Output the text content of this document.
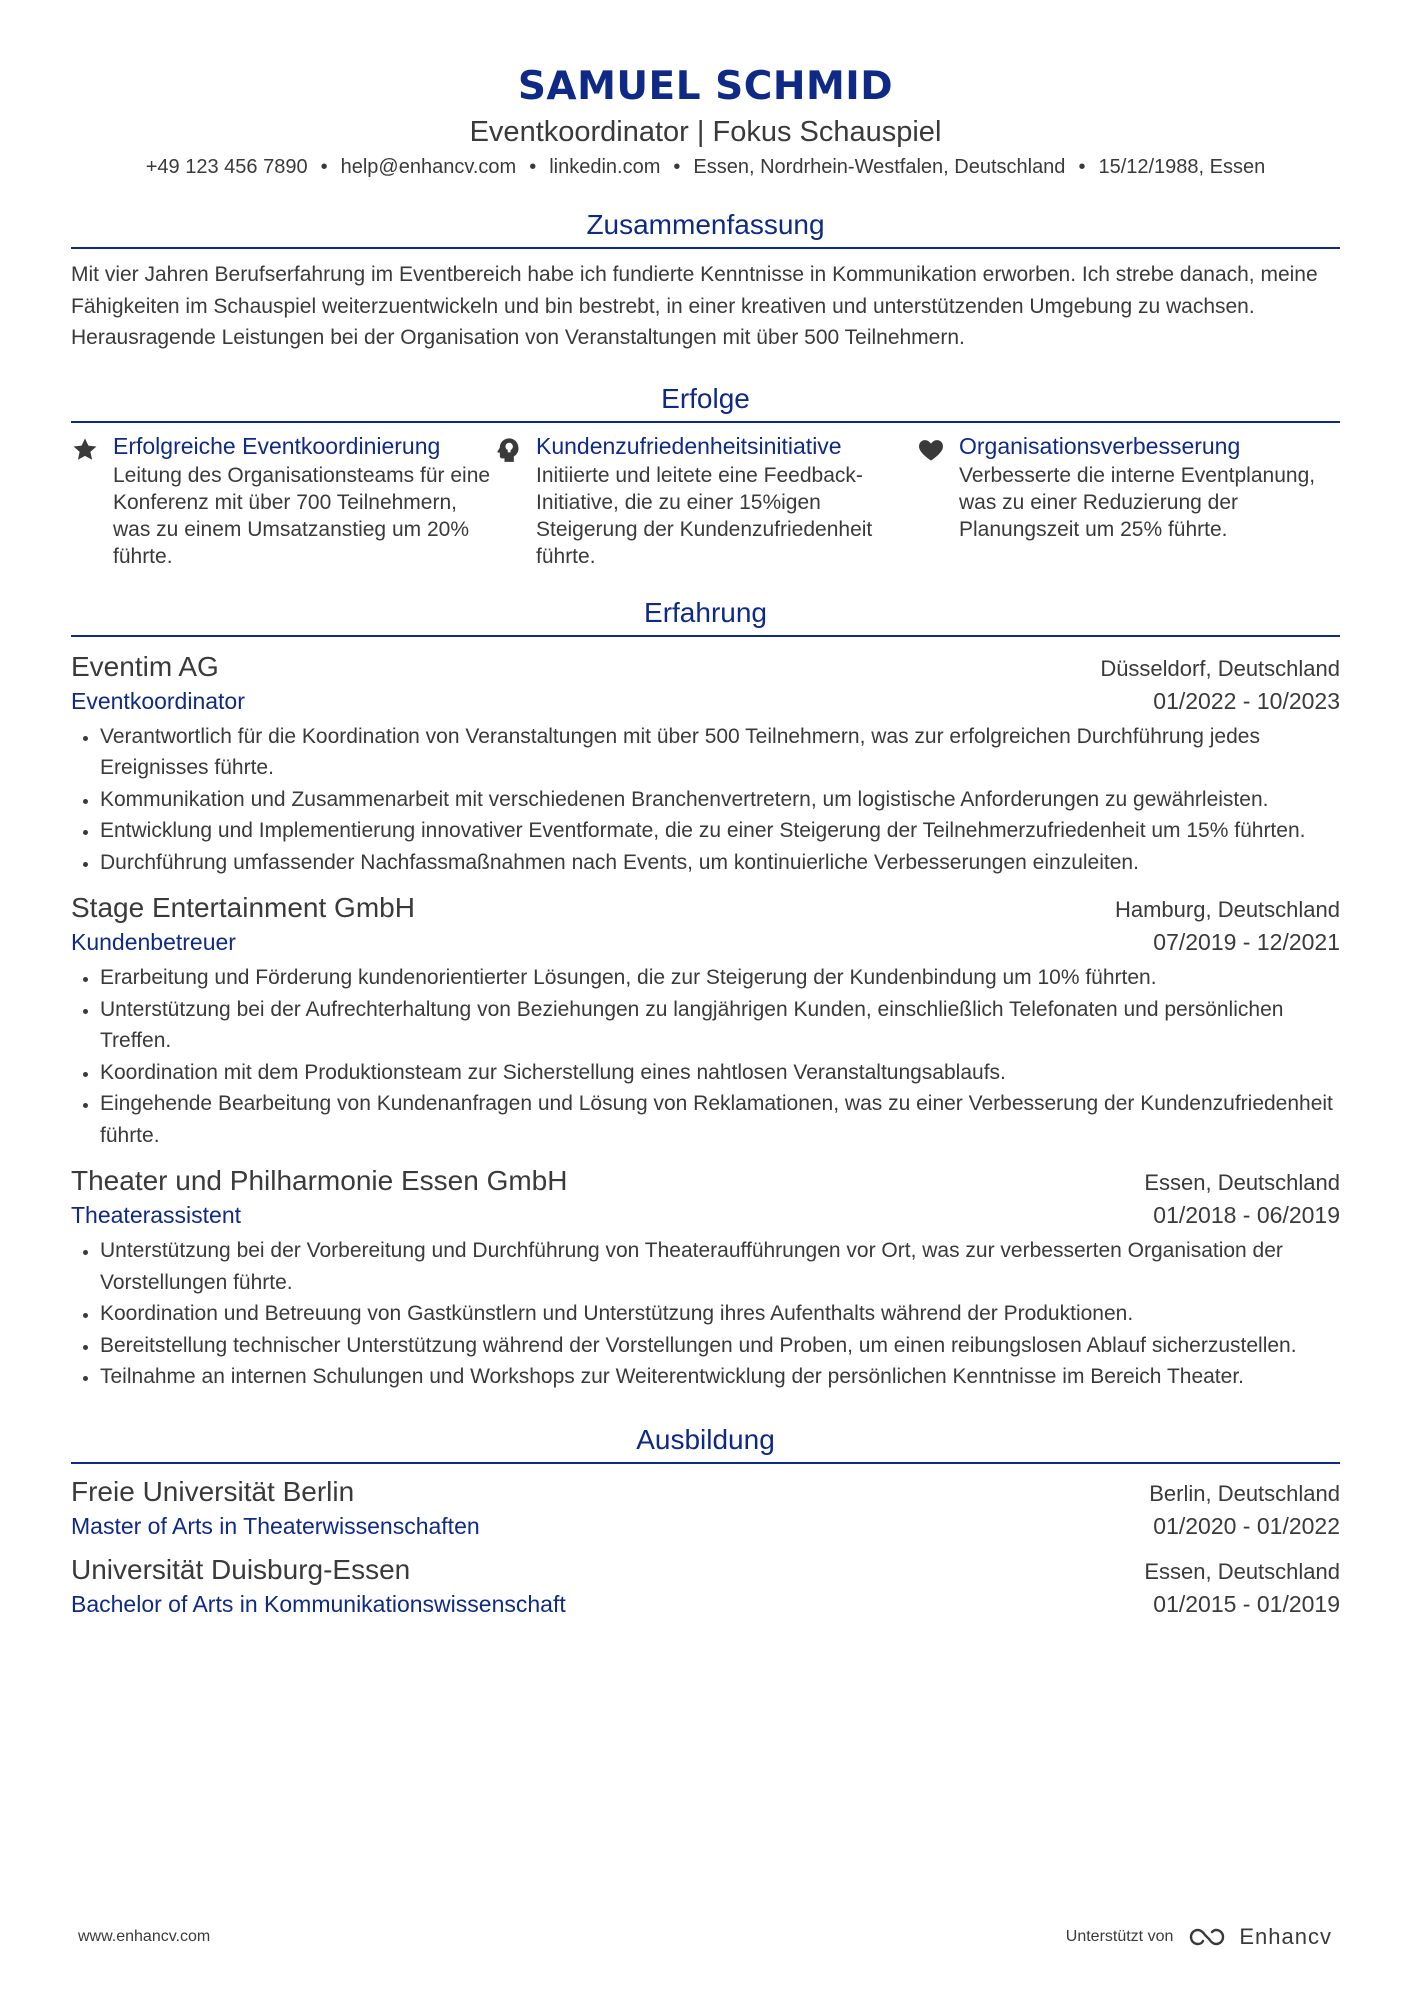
SAMUEL SCHMID
Eventkoordinator | Fokus Schauspiel
+49 123 456 7890 • help@enhancv.com • linkedin.com • Essen, Nordrhein-Westfalen, Deutschland • 15/12/1988, Essen
Zusammenfassung
Mit vier Jahren Berufserfahrung im Eventbereich habe ich fundierte Kenntnisse in Kommunikation erworben. Ich strebe danach, meine Fähigkeiten im Schauspiel weiterzuentwickeln und bin bestrebt, in einer kreativen und unterstützenden Umgebung zu wachsen. Herausragende Leistungen bei der Organisation von Veranstaltungen mit über 500 Teilnehmern.
Erfolge
Erfolgreiche Eventkoordinierung
Leitung des Organisationsteams für eine Konferenz mit über 700 Teilnehmern, was zu einem Umsatzanstieg um 20% führte.
Kundenzufriedenheitsinitiative
Initiierte und leitete eine Feedback-Initiative, die zu einer 15%igen Steigerung der Kundenzufriedenheit führte.
Organisationsverbesserung
Verbesserte die interne Eventplanung, was zu einer Reduzierung der Planungszeit um 25% führte.
Erfahrung
Eventim AG	Düsseldorf, Deutschland
Eventkoordinator	01/2022 - 10/2023
• Verantwortlich für die Koordination von Veranstaltungen mit über 500 Teilnehmern, was zur erfolgreichen Durchführung jedes Ereignisses führte.
• Kommunikation und Zusammenarbeit mit verschiedenen Branchenvertretern, um logistische Anforderungen zu gewährleisten.
• Entwicklung und Implementierung innovativer Eventformate, die zu einer Steigerung der Teilnehmerzufriedenheit um 15% führten.
• Durchführung umfassender Nachfassmaßnahmen nach Events, um kontinuierliche Verbesserungen einzuleiten.
Stage Entertainment GmbH	Hamburg, Deutschland
Kundenbetreuer	07/2019 - 12/2021
• Erarbeitung und Förderung kundenorientierter Lösungen, die zur Steigerung der Kundenbindung um 10% führten.
• Unterstützung bei der Aufrechterhaltung von Beziehungen zu langjährigen Kunden, einschließlich Telefonaten und persönlichen Treffen.
• Koordination mit dem Produktionsteam zur Sicherstellung eines nahtlosen Veranstaltungsablaufs.
• Eingehende Bearbeitung von Kundenanfragen und Lösung von Reklamationen, was zu einer Verbesserung der Kundenzufriedenheit führte.
Theater und Philharmonie Essen GmbH	Essen, Deutschland
Theaterassistent	01/2018 - 06/2019
• Unterstützung bei der Vorbereitung und Durchführung von Theateraufführungen vor Ort, was zur verbesserten Organisation der Vorstellungen führte.
• Koordination und Betreuung von Gastkünstlern und Unterstützung ihres Aufenthalts während der Produktionen.
• Bereitstellung technischer Unterstützung während der Vorstellungen und Proben, um einen reibungslosen Ablauf sicherzustellen.
• Teilnahme an internen Schulungen und Workshops zur Weiterentwicklung der persönlichen Kenntnisse im Bereich Theater.
Ausbildung
Freie Universität Berlin	Berlin, Deutschland
Master of Arts in Theaterwissenschaften	01/2020 - 01/2022
Universität Duisburg-Essen	Essen, Deutschland
Bachelor of Arts in Kommunikationswissenschaft	01/2015 - 01/2019
www.enhancv.com	Unterstützt von	Enhancv
